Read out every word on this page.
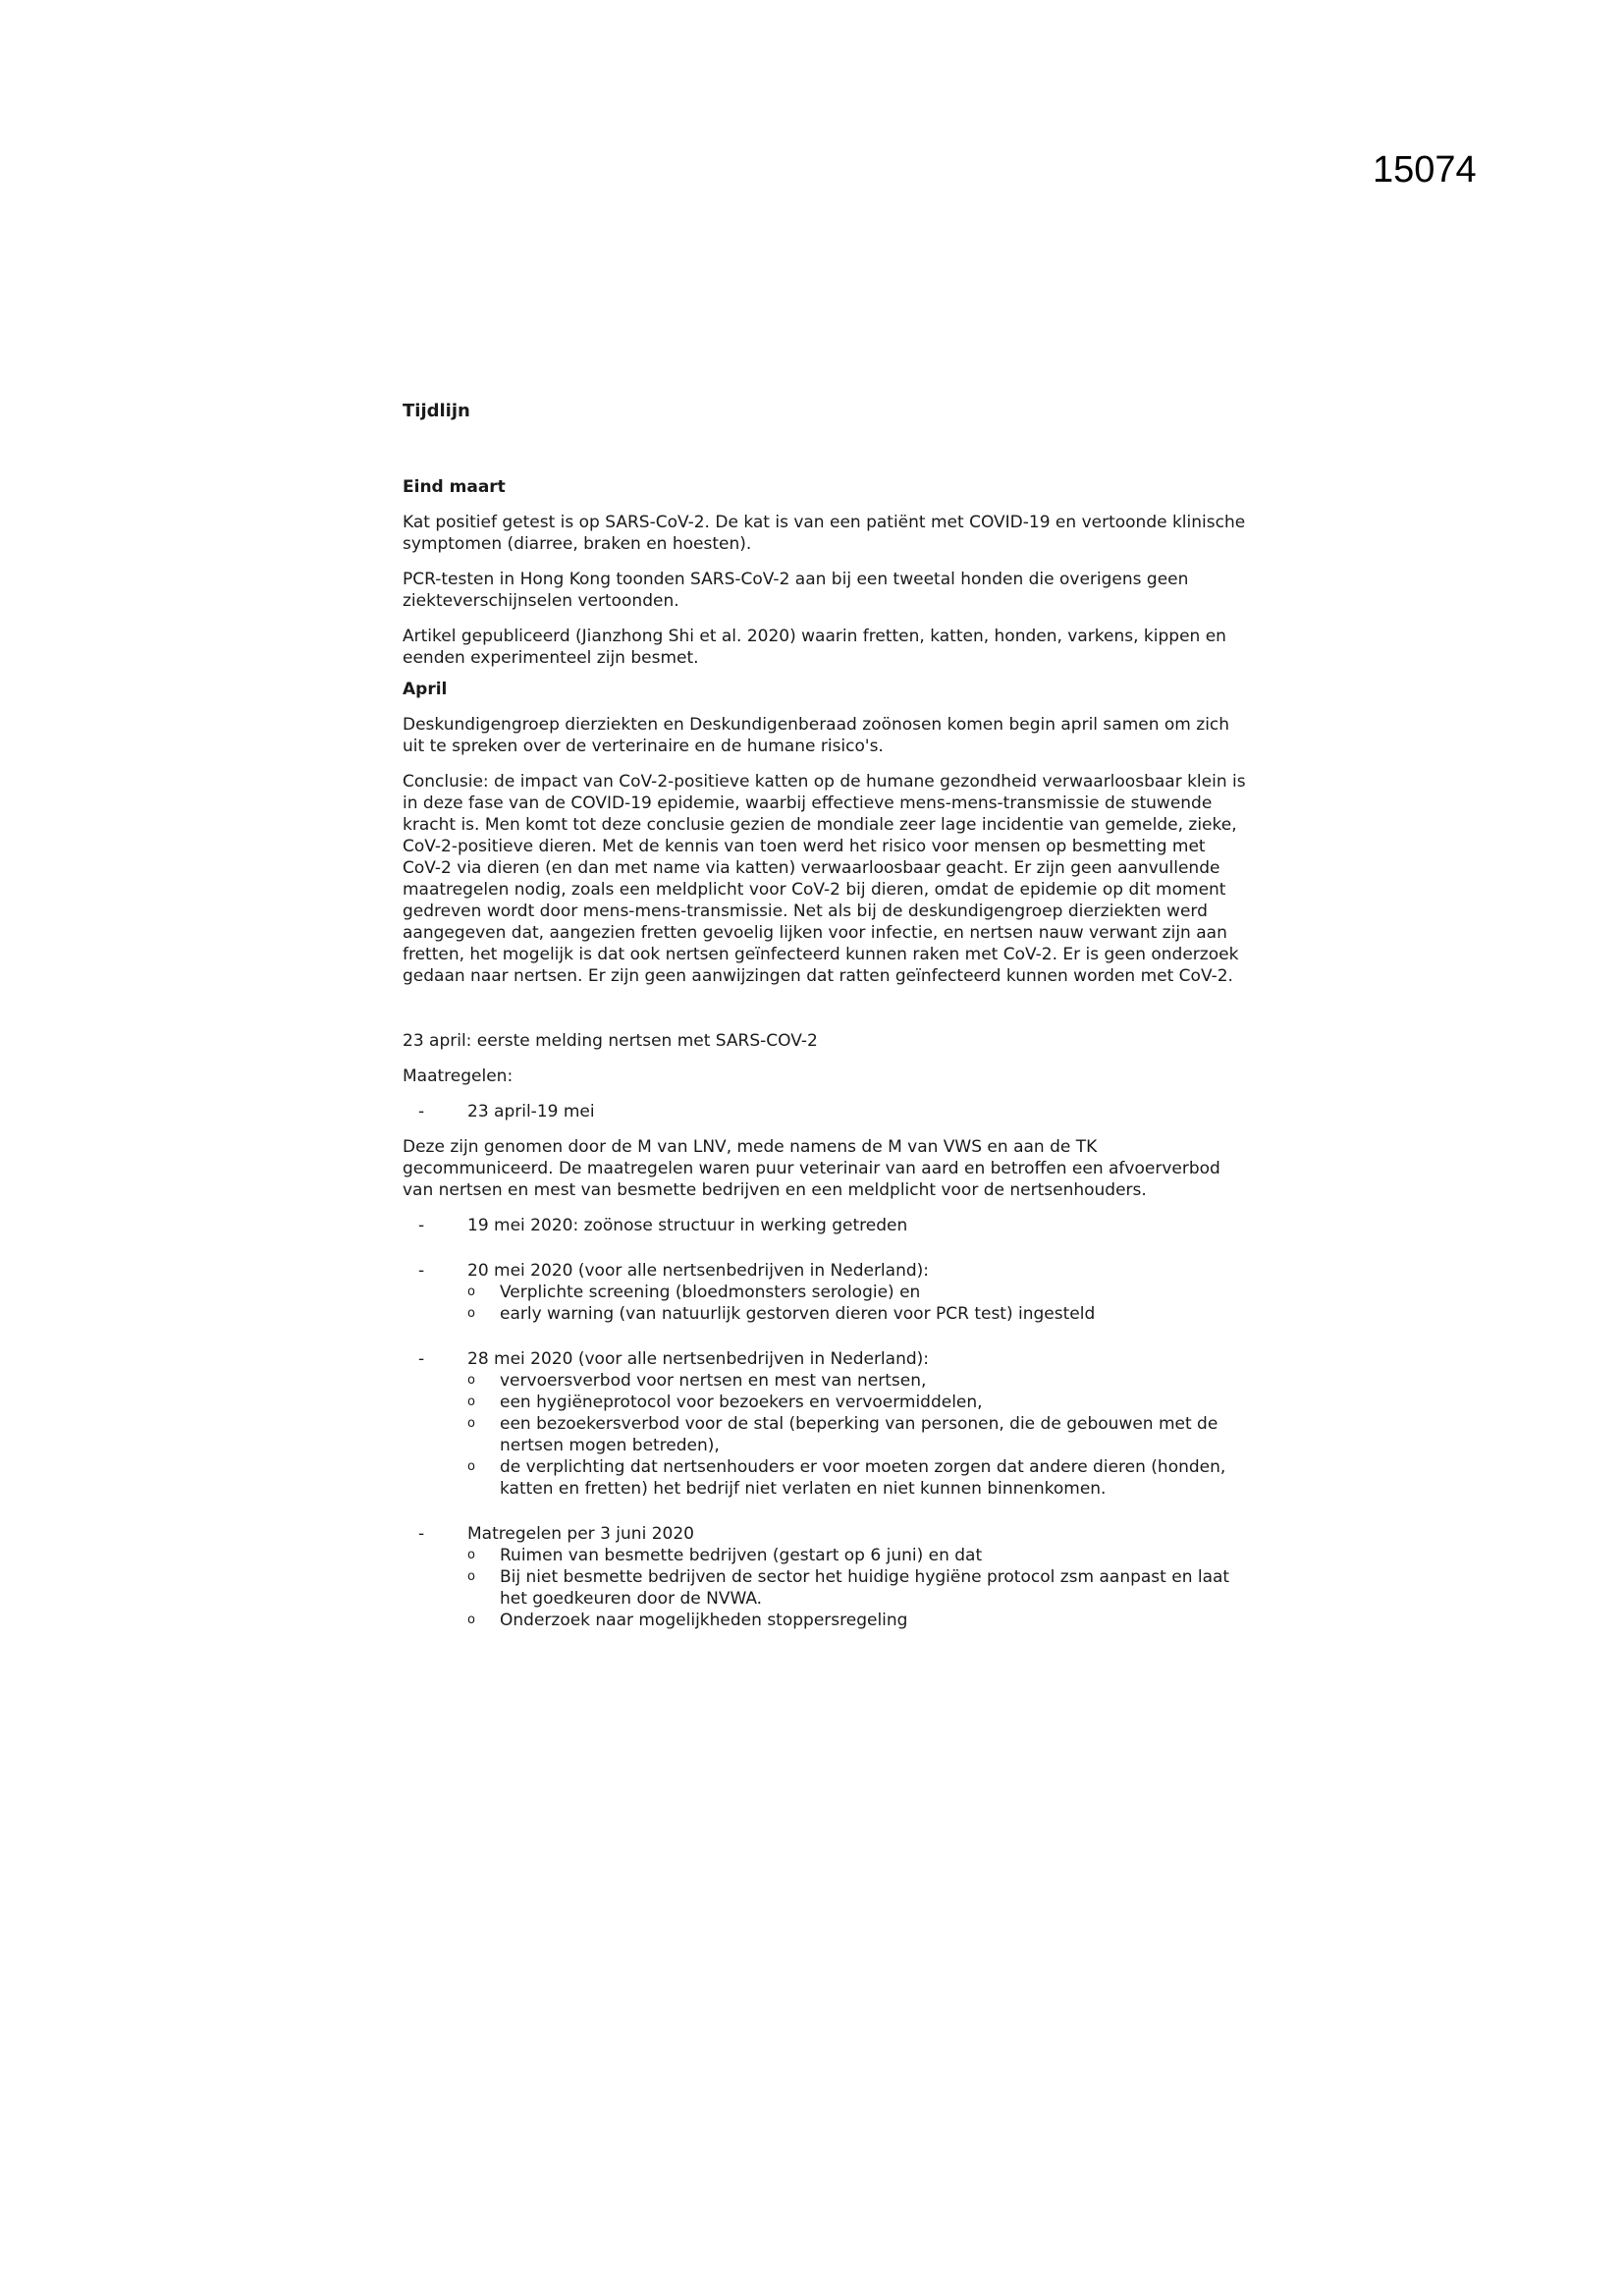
15074
Tijdlijn
Eind maart

Kat positief getest is op SARS-CoV-2. De kat is van een patiënt met COVID-19 en vertoonde klinische symptomen (diarree, braken en hoesten).

PCR-testen in Hong Kong toonden SARS-CoV-2 aan bij een tweetal honden die overigens geen ziekteverschijnselen vertoonden.

Artikel gepubliceerd (Jianzhong Shi et al. 2020) waarin fretten, katten, honden, varkens, kippen en eenden experimenteel zijn besmet.

April

Deskundigengroep dierziekten en Deskundigenberaad zoönosen komen begin april samen om zich uit te spreken over de verterinaire en de humane risico's.

Conclusie: de impact van CoV-2-positieve katten op de humane gezondheid verwaarloosbaar klein is in deze fase van de COVID-19 epidemie, waarbij effectieve mens-mens-transmissie de stuwende kracht is. Men komt tot deze conclusie gezien de mondiale zeer lage incidentie van gemelde, zieke, CoV-2-positieve dieren. Met de kennis van toen werd het risico voor mensen op besmetting met CoV-2 via dieren (en dan met name via katten) verwaarloosbaar geacht. Er zijn geen aanvullende maatregelen nodig, zoals een meldplicht voor CoV-2 bij dieren, omdat de epidemie op dit moment gedreven wordt door mens-mens-transmissie. Net als bij de deskundigengroep dierziekten werd aangegeven dat, aangezien fretten gevoelig lijken voor infectie, en nertsen nauw verwant zijn aan fretten, het mogelijk is dat ook nertsen geïnfecteerd kunnen raken met CoV-2. Er is geen onderzoek gedaan naar nertsen. Er zijn geen aanwijzingen dat ratten geïnfecteerd kunnen worden met CoV-2.

23 april: eerste melding nertsen met SARS-COV-2

Maatregelen:

-	23 april-19 mei

Deze zijn genomen door de M van LNV, mede namens de M van VWS en aan de TK gecommuniceerd. De maatregelen waren puur veterinair van aard en betroffen een afvoerverbod van nertsen en mest van besmette bedrijven en een meldplicht voor de nertsenhouders.

-	19 mei 2020: zoönose structuur in werking getreden
-	20 mei 2020 (voor alle nertsenbedrijven in Nederland):
o Verplichte screening (bloedmonsters serologie) en
o early warning (van natuurlijk gestorven dieren voor PCR test) ingesteld
-	28 mei 2020 (voor alle nertsenbedrijven in Nederland):
o vervoersverbod voor nertsen en mest van nertsen,
o een hygiëneprotocol voor bezoekers en vervoermiddelen,
o een bezoekersverbod voor de stal (beperking van personen, die de gebouwen met de nertsen mogen betreden),
o de verplichting dat nertsenhouders er voor moeten zorgen dat andere dieren (honden, katten en fretten) het bedrijf niet verlaten en niet kunnen binnenkomen.
-	Matregelen per 3 juni 2020
o Ruimen van besmette bedrijven (gestart op 6 juni) en dat
o Bij niet besmette bedrijven de sector het huidige hygiëne protocol zsm aanpast en laat het goedkeuren door de NVWA.
o Onderzoek naar mogelijkheden stoppersregeling
